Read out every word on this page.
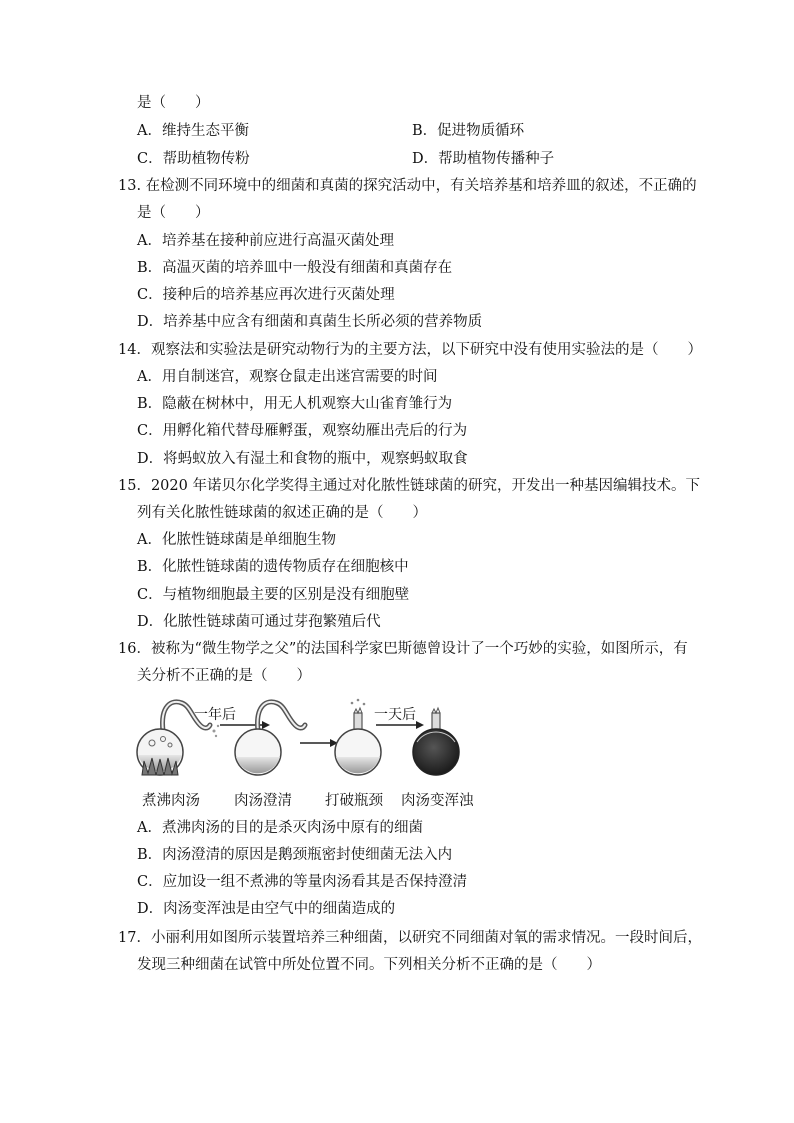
是（　　）
A．维持生态平衡	B．促进物质循环
C．帮助植物传粉	D．帮助植物传播种子
13. 在检测不同环境中的细菌和真菌的探究活动中，有关培养基和培养皿的叙述，不正确的
是（　　）
A．培养基在接种前应进行高温灭菌处理
B．高温灭菌的培养皿中一般没有细菌和真菌存在
C．接种后的培养基应再次进行灭菌处理
D．培养基中应含有细菌和真菌生长所必须的营养物质
14．观察法和实验法是研究动物行为的主要方法，以下研究中没有使用实验法的是（　　）
A．用自制迷宫，观察仓鼠走出迷宫需要的时间
B．隐蔽在树林中，用无人机观察大山雀育雏行为
C．用孵化箱代替母雁孵蛋，观察幼雁出壳后的行为
D．将蚂蚁放入有湿土和食物的瓶中，观察蚂蚁取食
15．2020 年诺贝尔化学奖得主通过对化脓性链球菌的研究，开发出一种基因编辑技术。下
列有关化脓性链球菌的叙述正确的是（　　）
A．化脓性链球菌是单细胞生物
B．化脓性链球菌的遗传物质存在细胞核中
C．与植物细胞最主要的区别是没有细胞壁
D．化脓性链球菌可通过芽孢繁殖后代
16．被称为“微生物学之父”的法国科学家巴斯德曾设计了一个巧妙的实验，如图所示，有
关分析不正确的是（　　）
一年后	一天后
煮沸肉汤 肉汤澄清 打破瓶颈 肉汤变浑浊
A．煮沸肉汤的目的是杀灭肉汤中原有的细菌
B．肉汤澄清的原因是鹅颈瓶密封使细菌无法入内
C．应加设一组不煮沸的等量肉汤看其是否保持澄清
D．肉汤变浑浊是由空气中的细菌造成的
17．小丽利用如图所示装置培养三种细菌，以研究不同细菌对氧的需求情况。一段时间后，
发现三种细菌在试管中所处位置不同。下列相关分析不正确的是（　　）
